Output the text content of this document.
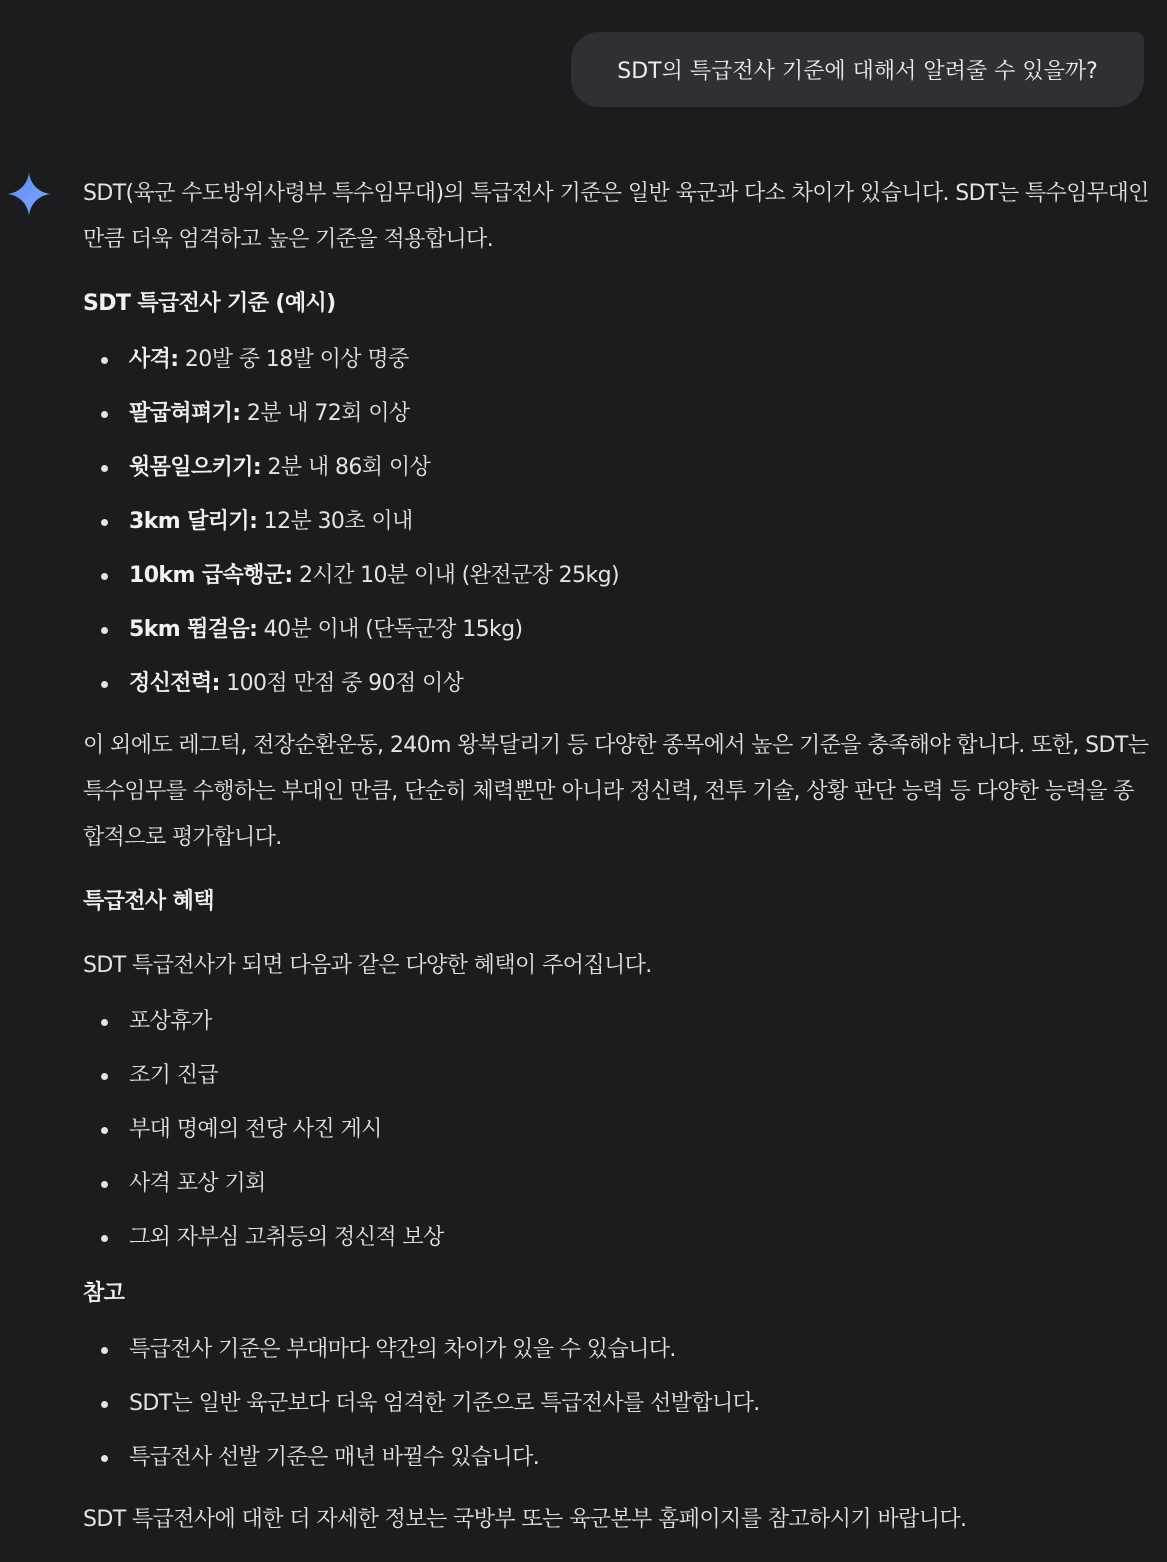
SDT의 특급전사 기준에 대해서 알려줄 수 있을까?

SDT(육군 수도방위사령부 특수임무대)의 특급전사 기준은 일반 육군과 다소 차이가 있습니다. SDT는 특수임무대인 만큼 더욱 엄격하고 높은 기준을 적용합니다.

SDT 특급전사 기준 (예시)
사격: 20발 중 18발 이상 명중
팔굽혀펴기: 2분 내 72회 이상
윗몸일으키기: 2분 내 86회 이상
3km 달리기: 12분 30초 이내
10km 급속행군: 2시간 10분 이내 (완전군장 25kg)
5km 뜀걸음: 40분 이내 (단독군장 15kg)
정신전력: 100점 만점 중 90점 이상

이 외에도 레그턱, 전장순환운동, 240m 왕복달리기 등 다양한 종목에서 높은 기준을 충족해야 합니다. 또한, SDT는 특수임무를 수행하는 부대인 만큼, 단순히 체력뿐만 아니라 정신력, 전투 기술, 상황 판단 능력 등 다양한 능력을 종합적으로 평가합니다.

특급전사 혜택

SDT 특급전사가 되면 다음과 같은 다양한 혜택이 주어집니다.

포상휴가
조기 진급
부대 명예의 전당 사진 게시
사격 포상 기회
그외 자부심 고취등의 정신적 보상
참고
특급전사 기준은 부대마다 약간의 차이가 있을 수 있습니다.
SDT는 일반 육군보다 더욱 엄격한 기준으로 특급전사를 선발합니다.
특급전사 선발 기준은 매년 바뀔수 있습니다.

SDT 특급전사에 대한 더 자세한 정보는 국방부 또는 육군본부 홈페이지를 참고하시기 바랍니다.
